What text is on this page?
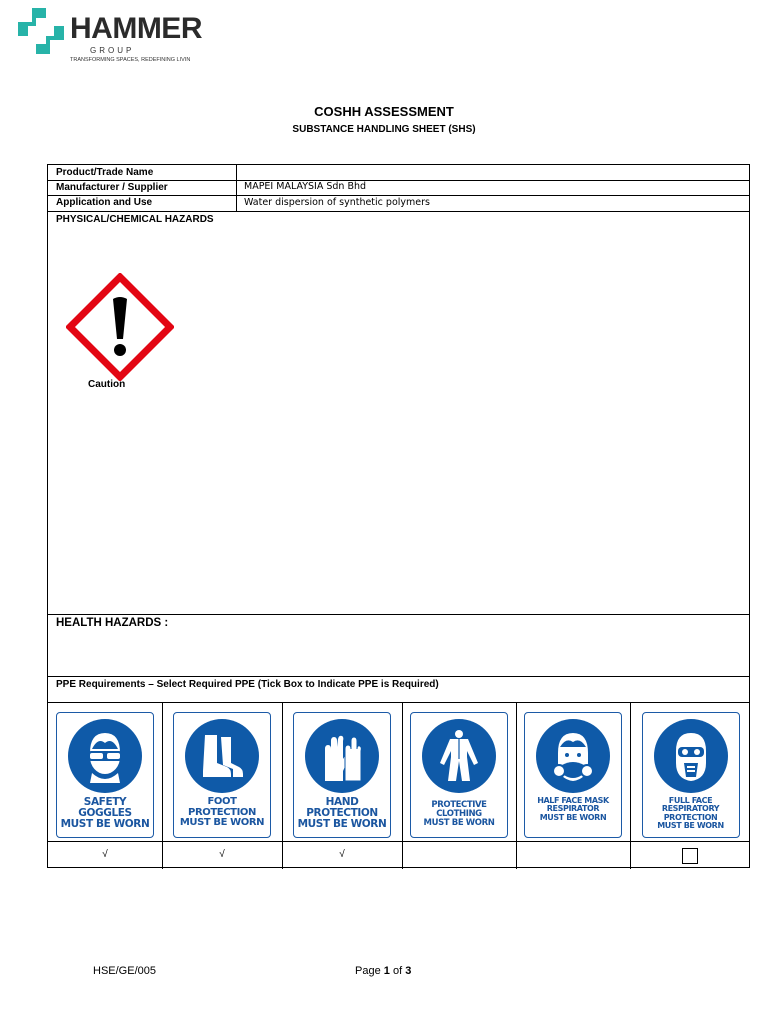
HAMMER
GROUP
TRANSFORMING SPACES, REDEFINING LIVIN
COSHH ASSESSMENT
SUBSTANCE HANDLING SHEET (SHS)
Product/Trade Name
Manufacturer / Supplier	MAPEI MALAYSIA Sdn Bhd
Application and Use	Water dispersion of synthetic polymers
PHYSICAL/CHEMICAL HAZARDS
Caution
HEALTH HAZARDS :
PPE Requirements – Select Required PPE (Tick Box to Indicate PPE is Required)
SAFETY GOGGLES
MUST BE WORN
FOOT PROTECTION
MUST BE WORN
HAND PROTECTION
MUST BE WORN
PROTECTIVE CLOTHING
MUST BE WORN
HALF FACE MASK
RESPIRATOR
MUST BE WORN
FULL FACE RESPIRATORY
PROTECTION
MUST BE WORN
√	√	√
HSE/GE/005	Page 1 of 3
